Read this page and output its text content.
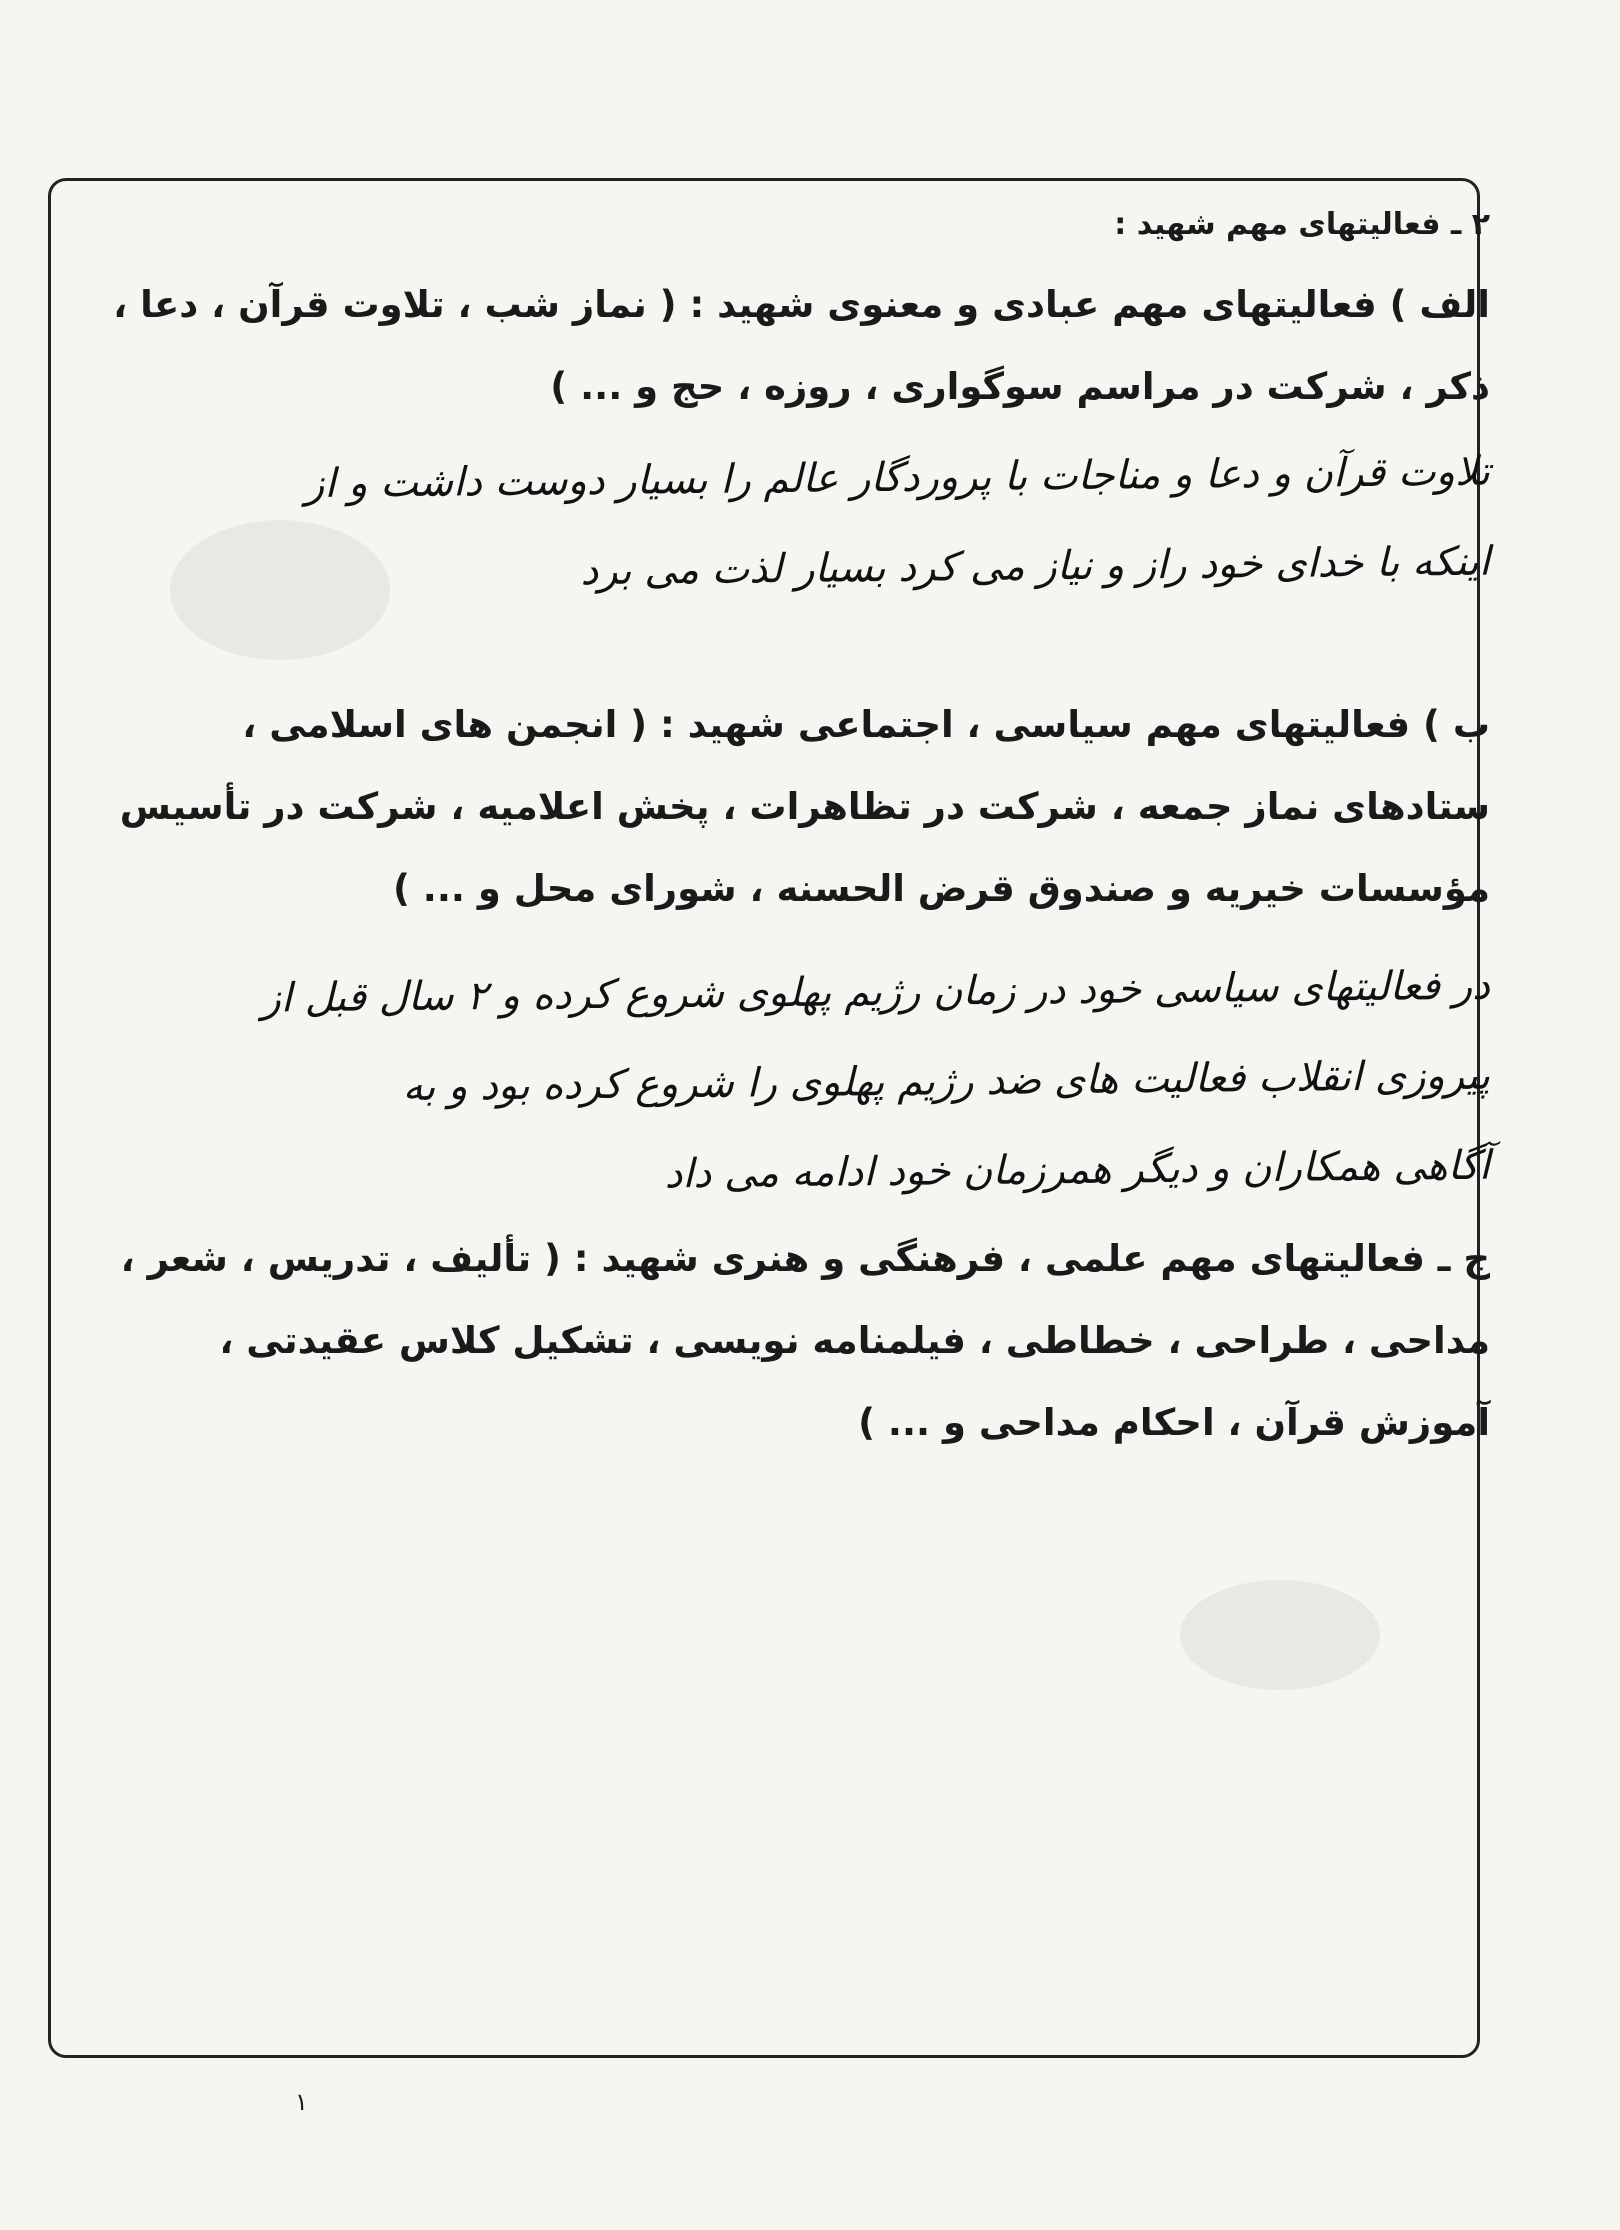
۲ ـ فعالیتهای مهم شهید :

الف ) فعالیتهای مهم عبادی و معنوی شهید : ( نماز شب ، تلاوت قرآن ، دعا ،

ذکر ، شرکت در مراسم سوگواری ، روزه ، حج و ... )

تلاوت قرآن و دعا و مناجات با پروردگار عالم را بسیار دوست داشت و از

اینکه با خدای خود راز و نیاز می کرد بسیار لذت می برد

ب ) فعالیتهای مهم سیاسی ، اجتماعی شهید : ( انجمن های اسلامی ،

ستادهای نماز جمعه ، شرکت در تظاهرات ، پخش اعلامیه ، شرکت در تأسیس

مؤسسات خیریه و صندوق قرض الحسنه ، شورای محل و ... )

در فعالیتهای سیاسی خود در زمان رژیم پهلوی شروع کرده و ۲ سال قبل از

پیروزی انقلاب فعالیت های ضد رژیم پهلوی را شروع کرده بود و به

آگاهی همکاران و دیگر همرزمان خود ادامه می داد

ج ـ فعالیتهای مهم علمی ، فرهنگی و هنری شهید : ( تألیف ، تدریس ، شعر ،

مداحی ، طراحی ، خطاطی ، فیلمنامه نویسی ، تشکیل کلاس عقیدتی ،

آموزش قرآن ، احکام مداحی و ... )

۱
